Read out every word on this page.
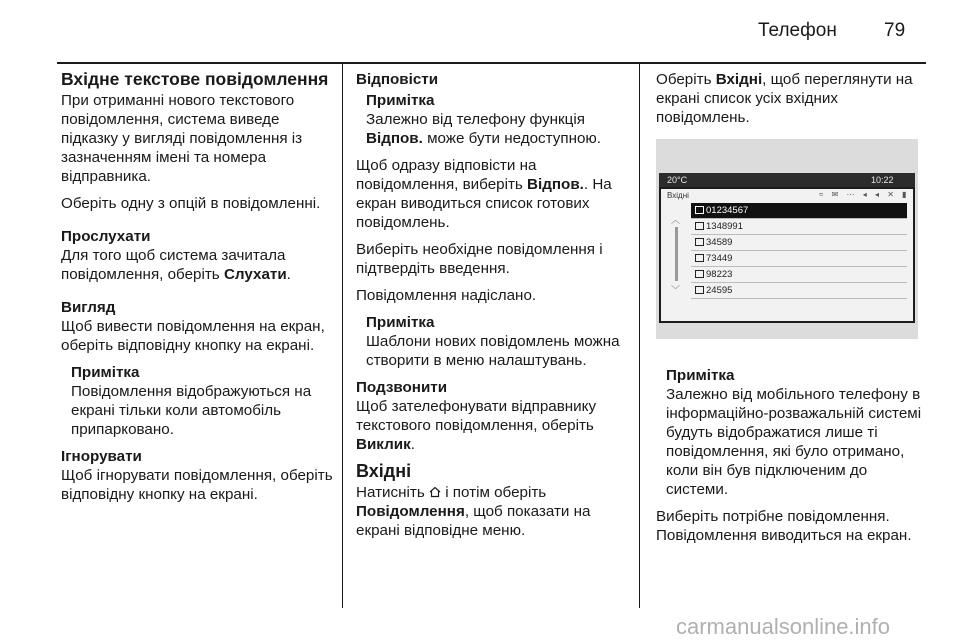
Телефон 79

Вхідне текстове повідомлення

При отриманні нового текстового повідомлення, система виведе підказку у вигляді повідомлення із зазначенням імені та номера відправника.

Оберіть одну з опцій в повідомленні.

Прослухати

Для того щоб система зачитала повідомлення, оберіть Слухати.

Вигляд

Щоб вивести повідомлення на екран, оберіть відповідну кнопку на екрані.

Примітка
Повідомлення відображуються на екрані тільки коли автомобіль припарковано.

Ігнорувати

Щоб ігнорувати повідомлення, оберіть відповідну кнопку на екрані.

Відповісти

Примітка
Залежно від телефону функція Відпов. може бути недоступною.

Щоб одразу відповісти на повідомлення, виберіть Відпов.. На екран виводиться список готових повідомлень.

Виберіть необхідне повідомлення і підтвердіть введення.

Повідомлення надіслано.

Примітка
Шаблони нових повідомлень можна створити в меню налаштувань.

Подзвонити

Щоб зателефонувати відправнику текстового повідомлення, оберіть Виклик.

Вхідні

Натисніть  і потім оберіть Повідомлення, щоб показати на екрані відповідне меню.

Оберіть Вхідні, щоб переглянути на екрані список усіх вхідних повідомлень.

20°C	10:22
Вхідні	≈ ✉ ⋯ ◂ ◂ ✕ ▮
︿
﹀
01234567
1348991
34589
73449
98223
24595
Примітка
Залежно від мобільного телефону в інформаційно-розважальній системі будуть відображатися лише ті повідомлення, які було отримано, коли він був підключеним до системи.

Виберіть потрібне повідомлення.

Повідомлення виводиться на екран.

carmanualsonline.info
